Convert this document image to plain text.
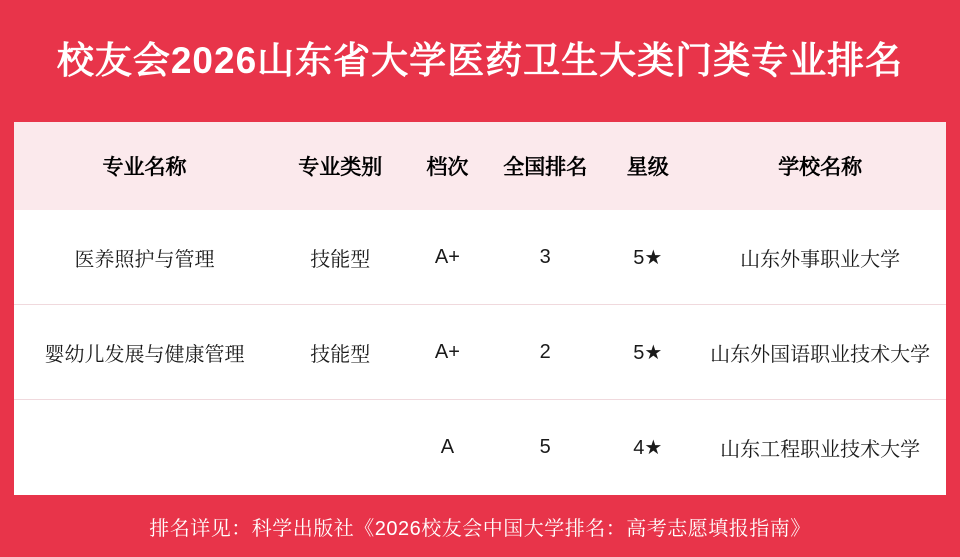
校友会2026山东省大学医药卫生大类门类专业排名
专业名称	专业类别	档次	全国排名	星级	学校名称
医养照护与管理	技能型	A+	3	5★	山东外事职业大学
婴幼儿发展与健康管理	技能型	A+	2	5★	山东外国语职业技术大学
		A	5	4★	山东工程职业技术大学
排名详见：科学出版社《2026校友会中国大学排名：高考志愿填报指南》
